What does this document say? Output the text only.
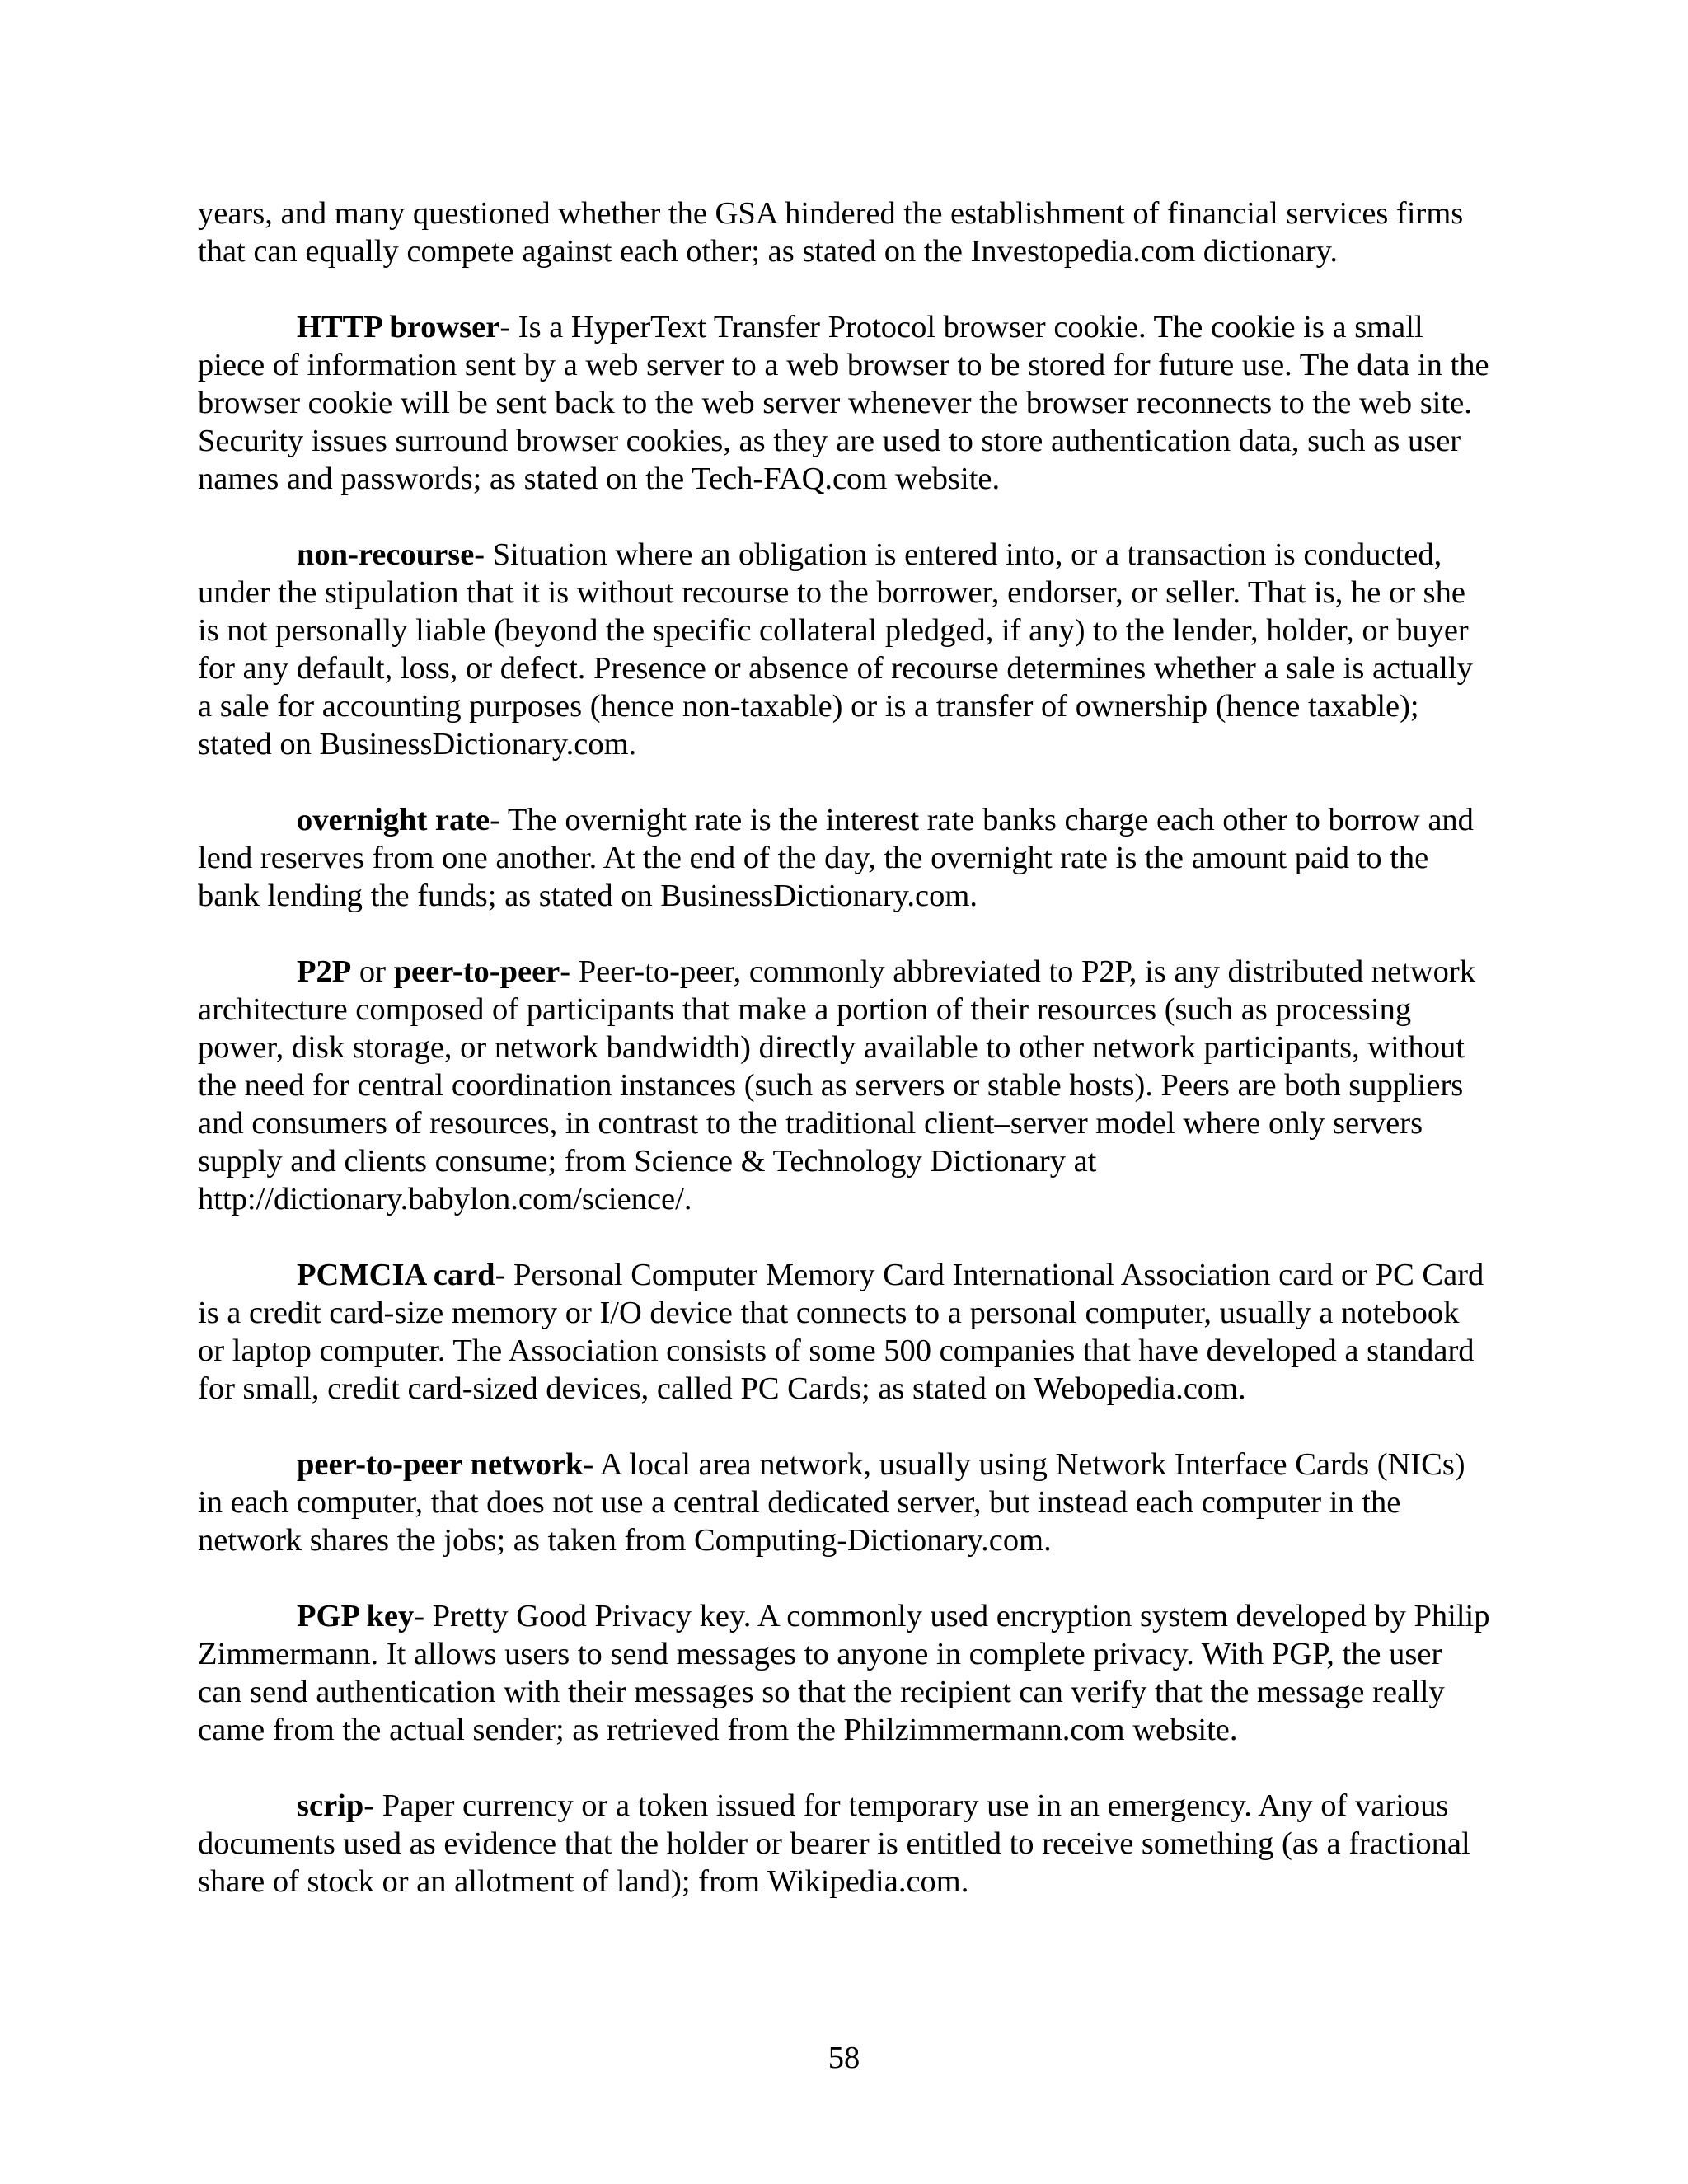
years, and many questioned whether the GSA hindered the establishment of financial services firms that can equally compete against each other; as stated on the Investopedia.com dictionary.

HTTP browser- Is a HyperText Transfer Protocol browser cookie. The cookie is a small piece of information sent by a web server to a web browser to be stored for future use. The data in the browser cookie will be sent back to the web server whenever the browser reconnects to the web site. Security issues surround browser cookies, as they are used to store authentication data, such as user names and passwords; as stated on the Tech-FAQ.com website.

non-recourse- Situation where an obligation is entered into, or a transaction is conducted, under the stipulation that it is without recourse to the borrower, endorser, or seller. That is, he or she is not personally liable (beyond the specific collateral pledged, if any) to the lender, holder, or buyer for any default, loss, or defect. Presence or absence of recourse determines whether a sale is actually a sale for accounting purposes (hence non-taxable) or is a transfer of ownership (hence taxable); stated on BusinessDictionary.com.

overnight rate- The overnight rate is the interest rate banks charge each other to borrow and lend reserves from one another. At the end of the day, the overnight rate is the amount paid to the bank lending the funds; as stated on BusinessDictionary.com.

P2P or peer-to-peer- Peer-to-peer, commonly abbreviated to P2P, is any distributed network architecture composed of participants that make a portion of their resources (such as processing power, disk storage, or network bandwidth) directly available to other network participants, without the need for central coordination instances (such as servers or stable hosts). Peers are both suppliers and consumers of resources, in contrast to the traditional client–server model where only servers supply and clients consume; from Science & Technology Dictionary at http://dictionary.babylon.com/science/.

PCMCIA card- Personal Computer Memory Card International Association card or PC Card is a credit card-size memory or I/O device that connects to a personal computer, usually a notebook or laptop computer. The Association consists of some 500 companies that have developed a standard for small, credit card-sized devices, called PC Cards; as stated on Webopedia.com.

peer-to-peer network- A local area network, usually using Network Interface Cards (NICs) in each computer, that does not use a central dedicated server, but instead each computer in the network shares the jobs; as taken from Computing-Dictionary.com.

PGP key- Pretty Good Privacy key. A commonly used encryption system developed by Philip Zimmermann. It allows users to send messages to anyone in complete privacy. With PGP, the user can send authentication with their messages so that the recipient can verify that the message really came from the actual sender; as retrieved from the Philzimmermann.com website.

scrip- Paper currency or a token issued for temporary use in an emergency. Any of various documents used as evidence that the holder or bearer is entitled to receive something (as a fractional share of stock or an allotment of land); from Wikipedia.com.

58
